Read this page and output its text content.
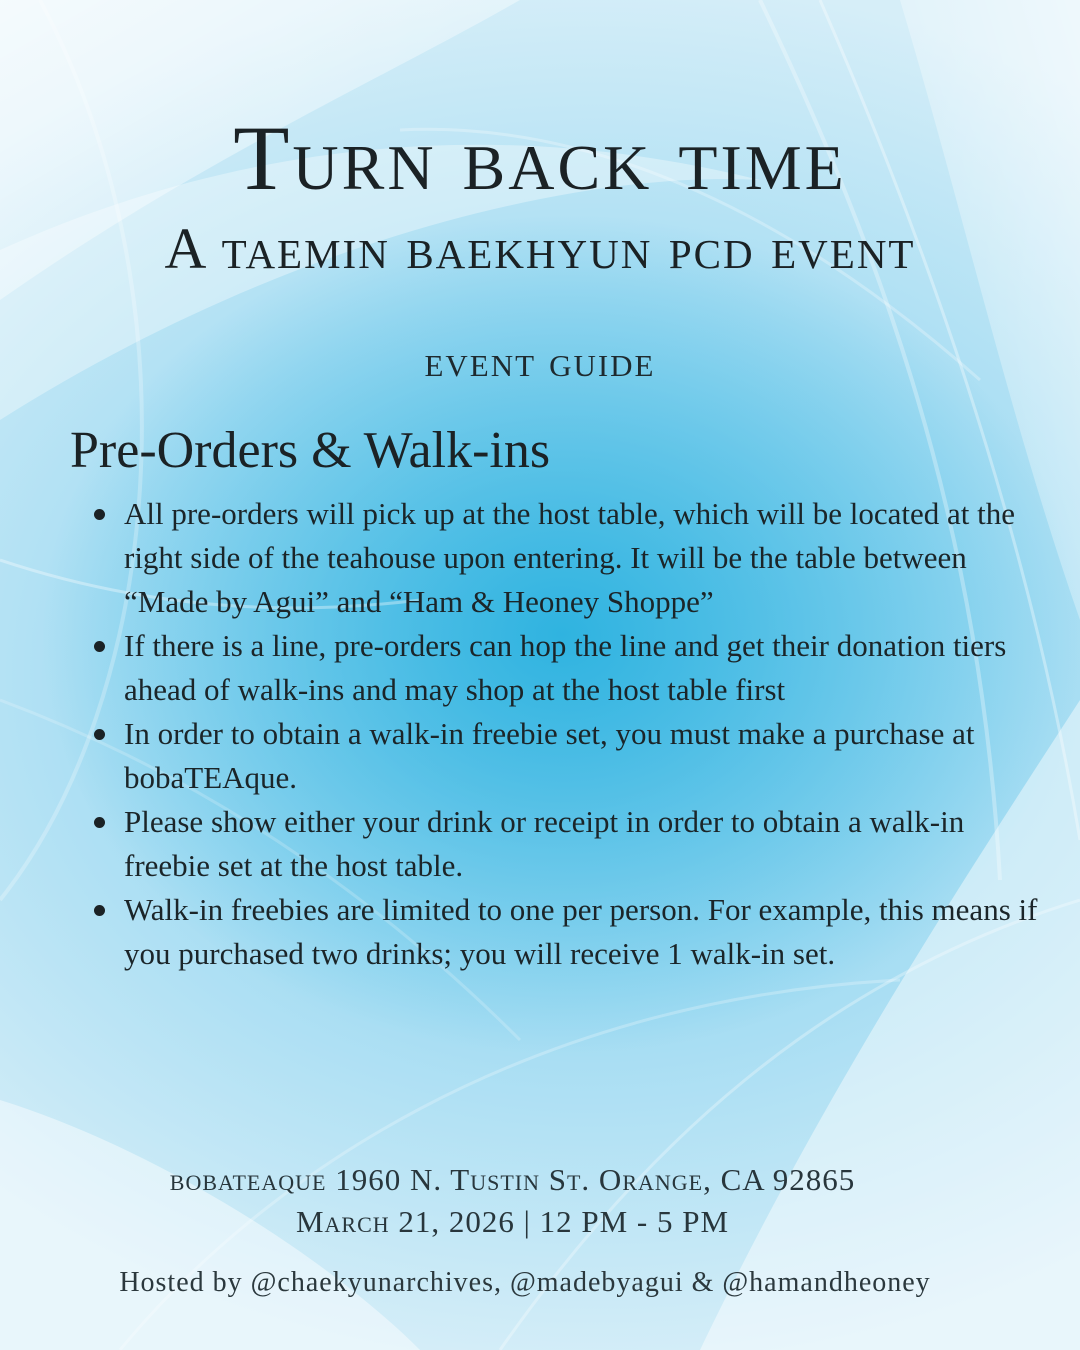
Turn back time
A taemin baekhyun pcd event
event guide
Pre-Orders & Walk-ins
All pre-orders will pick up at the host table, which will be located at the right side of the teahouse upon entering. It will be the table between “Made by Agui” and “Ham & Heoney Shoppe”
If there is a line, pre-orders can hop the line and get their donation tiers ahead of walk-ins and may shop at the host table first
In order to obtain a walk-in freebie set, you must make a purchase at bobaTEAque.
Please show either your drink or receipt in order to obtain a walk-in freebie set at the host table.
Walk-in freebies are limited to one per person. For example, this means if you purchased two drinks; you will receive 1 walk-in set.
bobateaque 1960 N. Tustin St. Orange, CA 92865
March 21, 2026 | 12 PM - 5 PM
Hosted by @chaekyunarchives, @madebyagui & @hamandheoney
